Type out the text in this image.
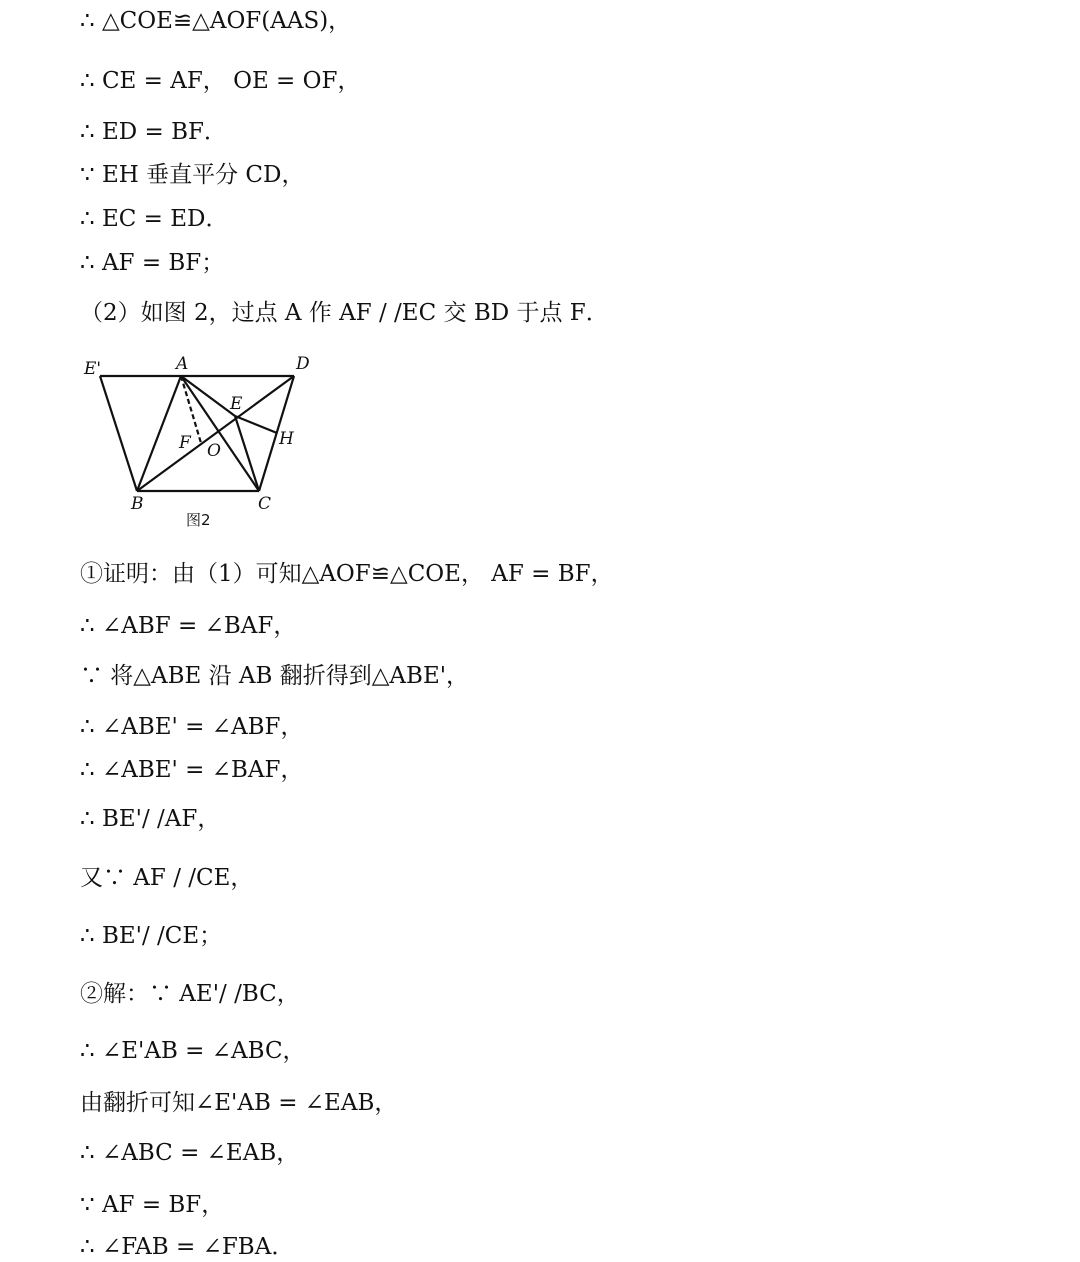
∴ △COE≌△AOF(AAS)，
∴ CE = AF， OE = OF，
∴ ED = BF．
∵ EH 垂直平分 CD，
∴ EC = ED．
∴ AF = BF；
（2）如图 2，过点 A 作 AF / /EC 交 BD 于点 F．
①证明：由（1）可知△AOF≌△COE， AF = BF，
∴ ∠ABF = ∠BAF，
∵ 将△ABE 沿 AB 翻折得到△ABE'，
∴ ∠ABE' = ∠ABF，
∴ ∠ABE' = ∠BAF，
∴ BE'/ /AF，
又∵ AF / /CE，
∴ BE'/ /CE；
②解：∵ AE'/ /BC，
∴ ∠E'AB = ∠ABC，
由翻折可知∠E'AB = ∠EAB，
∴ ∠ABC = ∠EAB，
∵ AF = BF，
∴ ∠FAB = ∠FBA．
E'	A	D
E
H
F O
B	C
图2
